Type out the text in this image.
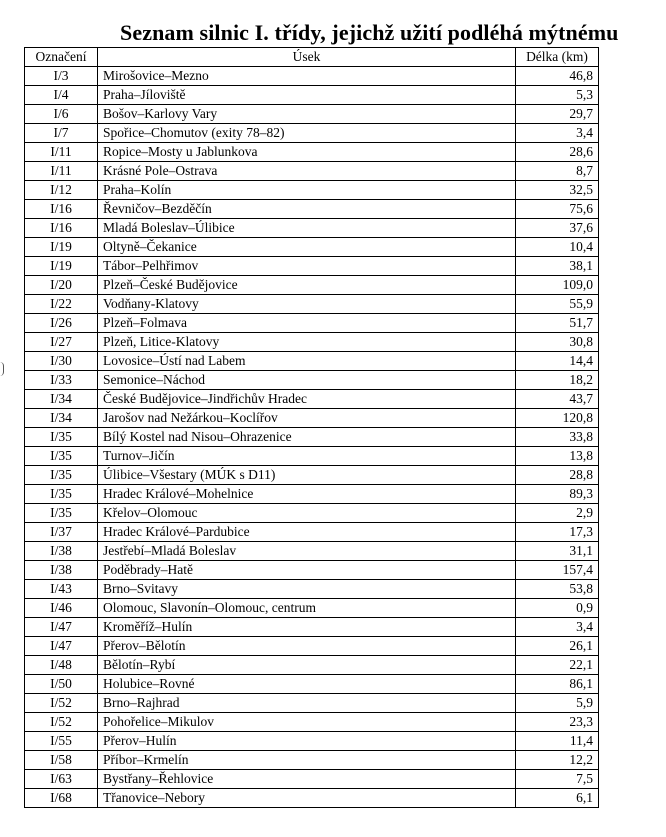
Seznam silnic I. třídy, jejichž užití podléhá mýtnému
Označení	Úsek	Délka (km)
I/3	Mirošovice–Mezno	46,8
I/4	Praha–Jíloviště	5,3
I/6	Bošov–Karlovy Vary	29,7
I/7	Spořice–Chomutov (exity 78–82)	3,4
I/11	Ropice–Mosty u Jablunkova	28,6
I/11	Krásné Pole–Ostrava	8,7
I/12	Praha–Kolín	32,5
I/16	Řevničov–Bezděčín	75,6
I/16	Mladá Boleslav–Úlibice	37,6
I/19	Oltyně–Čekanice	10,4
I/19	Tábor–Pelhřimov	38,1
I/20	Plzeň–České Budějovice	109,0
I/22	Vodňany-Klatovy	55,9
I/26	Plzeň–Folmava	51,7
I/27	Plzeň, Litice-Klatovy	30,8
I/30	Lovosice–Ústí nad Labem	14,4
I/33	Semonice–Náchod	18,2
I/34	České Budějovice–Jindřichův Hradec	43,7
I/34	Jarošov nad Nežárkou–Koclířov	120,8
I/35	Bílý Kostel nad Nisou–Ohrazenice	33,8
I/35	Turnov–Jičín	13,8
I/35	Úlibice–Všestary (MÚK s D11)	28,8
I/35	Hradec Králové–Mohelnice	89,3
I/35	Křelov–Olomouc	2,9
I/37	Hradec Králové–Pardubice	17,3
I/38	Jestřebí–Mladá Boleslav	31,1
I/38	Poděbrady–Hatě	157,4
I/43	Brno–Svitavy	53,8
I/46	Olomouc, Slavonín–Olomouc, centrum	0,9
I/47	Kroměříž–Hulín	3,4
I/47	Přerov–Bělotín	26,1
I/48	Bělotín–Rybí	22,1
I/50	Holubice–Rovné	86,1
I/52	Brno–Rajhrad	5,9
I/52	Pohořelice–Mikulov	23,3
I/55	Přerov–Hulín	11,4
I/58	Příbor–Krmelín	12,2
I/63	Bystřany–Řehlovice	7,5
I/68	Třanovice–Nebory	6,1
